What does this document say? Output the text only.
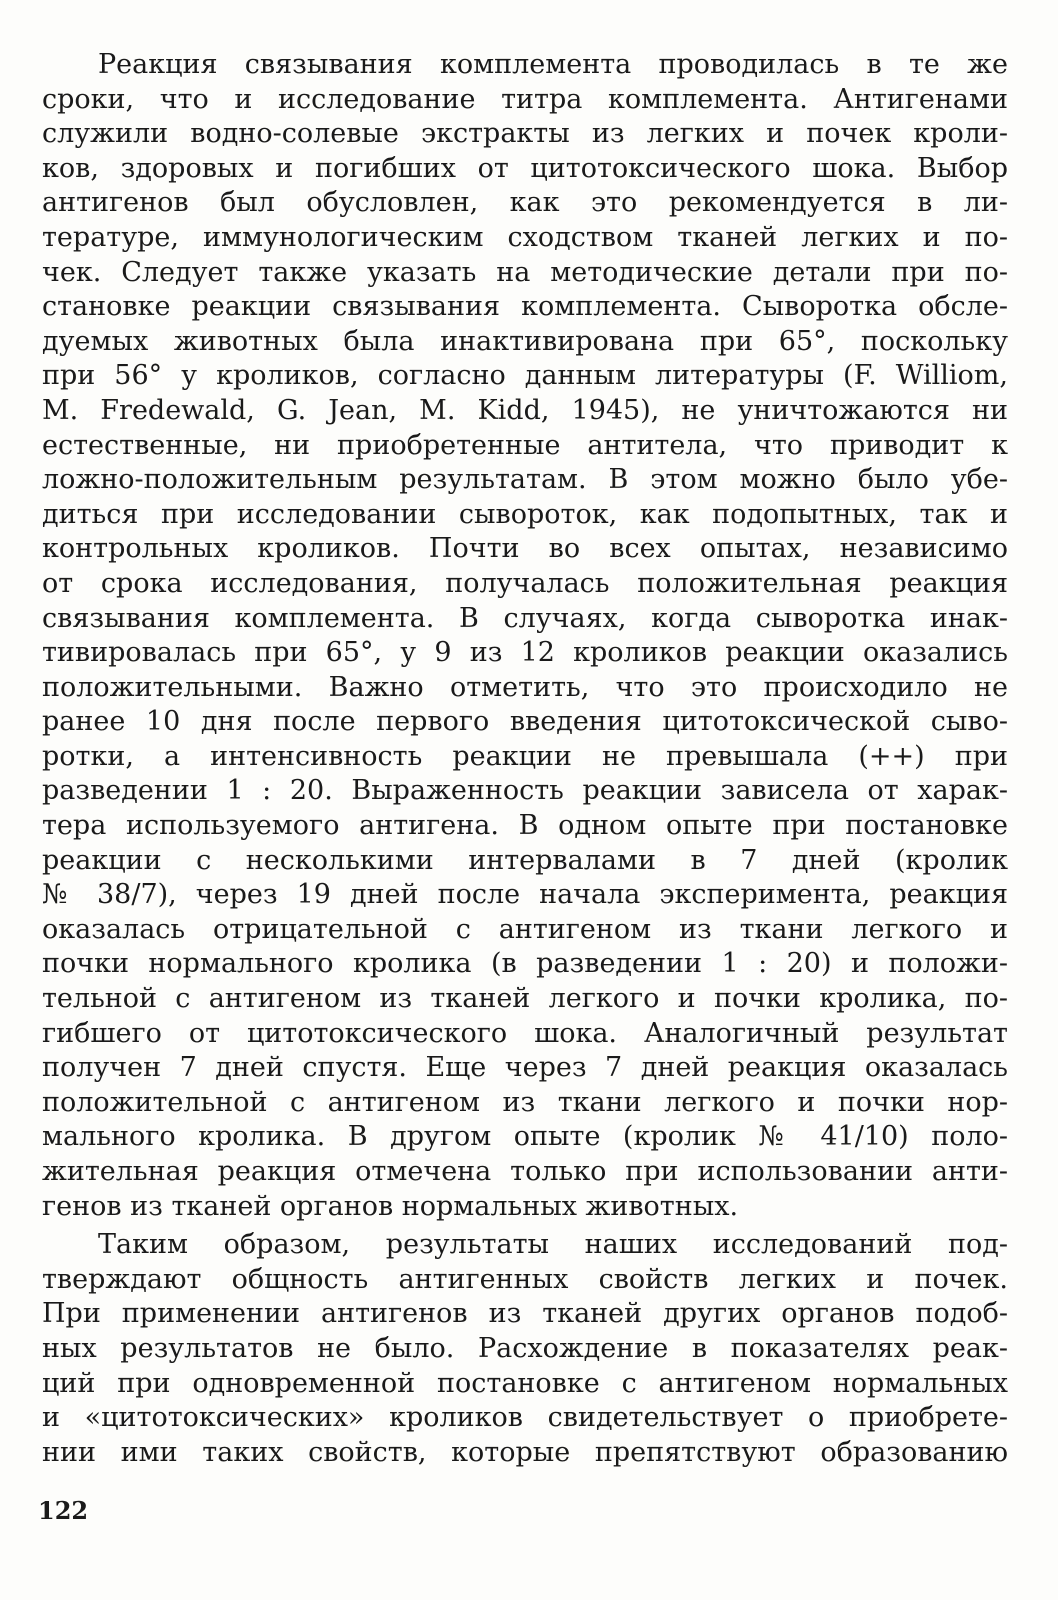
Реакция связывания комплемента проводилась в те же
сроки, что и исследование титра комплемента. Антигенами
служили водно-солевые экстракты из легких и почек кроли-
ков, здоровых и погибших от цитотоксического шока. Выбор
антигенов был обусловлен, как это рекомендуется в ли-
тературе, иммунологическим сходством тканей легких и по-
чек. Следует также указать на методические детали при по-
становке реакции связывания комплемента. Сыворотка обсле-
дуемых животных была инактивирована при 65°, поскольку
при 56° у кроликов, согласно данным литературы (F. Williom,
M. Fredewald, G. Jean, M. Kidd, 1945), не уничтожаются ни
естественные, ни приобретенные антитела, что приводит к
ложно-положительным результатам. В этом можно было убе-
диться при исследовании сывороток, как подопытных, так и
контрольных кроликов. Почти во всех опытах, независимо
от срока исследования, получалась положительная реакция
связывания комплемента. В случаях, когда сыворотка инак-
тивировалась при 65°, у 9 из 12 кроликов реакции оказались
положительными. Важно отметить, что это происходило не
ранее 10 дня после первого введения цитотоксической сыво-
ротки, а интенсивность реакции не превышала (++) при
разведении 1 : 20. Выраженность реакции зависела от харак-
тера используемого антигена. В одном опыте при постановке
реакции с несколькими интервалами в 7 дней (кролик
№ 38/7), через 19 дней после начала эксперимента, реакция
оказалась отрицательной с антигеном из ткани легкого и
почки нормального кролика (в разведении 1 : 20) и положи-
тельной с антигеном из тканей легкого и почки кролика, по-
гибшего от цитотоксического шока. Аналогичный результат
получен 7 дней спустя. Еще через 7 дней реакция оказалась
положительной с антигеном из ткани легкого и почки нор-
мального кролика. В другом опыте (кролик № 41/10) поло-
жительная реакция отмечена только при использовании анти-
генов из тканей органов нормальных животных.
Таким образом, результаты наших исследований под-
тверждают общность антигенных свойств легких и почек.
При применении антигенов из тканей других органов подоб-
ных результатов не было. Расхождение в показателях реак-
ций при одновременной постановке с антигеном нормальных
и «цитотоксических» кроликов свидетельствует о приобрете-
нии ими таких свойств, которые препятствуют образованию
122
